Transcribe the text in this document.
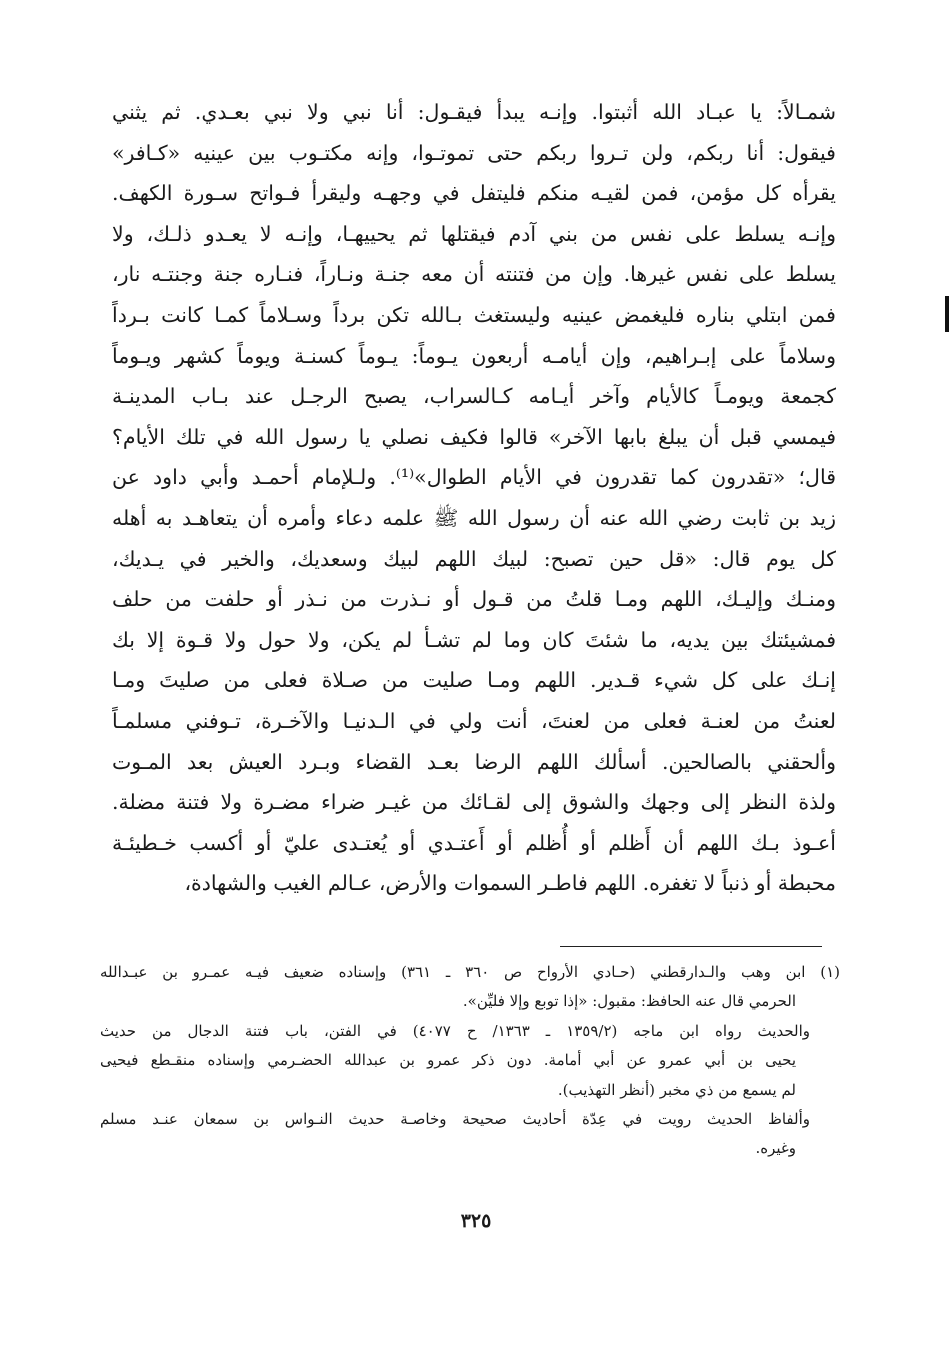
شمـالاً: يا عبـاد الله أثبتوا. وإنـه يبدأ فيقـول: أنا نبي ولا نبي بعـدي. ثم يثني
فيقول: أنا ربكم، ولن تـروا ربكم حتى تموتـوا، وإنه مكتـوب بين عينيه «كـافر»
يقرأه كل مؤمن، فمن لقيـه منكم فليتفل في وجهـه وليقرأ فـواتح سـورة الكهف.
وإنـه يسلط على نفس من بني آدم فيقتلها ثم يحييهـا، وإنـه لا يعـدو ذلـك، ولا
يسلط على نفس غيرها. وإن من فتنته أن معه جنـة ونـاراً، فنـاره جنة وجنتـه نار،
فمن ابتلي بناره فليغمض عينيه وليستغث بـالله تكن برداً وسـلاماً كمـا كانت بـرداً
وسلاماً على إبـراهيم، وإن أيامـه أربعون يـوماً: يـوماً كسنـة ويوماً كشهر ويـوماً
كجمعة ويومـاً كالأيام وآخر أيـامه كـالسراب، يصبح الرجـل عند بـاب المدينـة
فيمسي قبل أن يبلغ بابها الآخر» قالوا فكيف نصلي يا رسول الله في تلك الأيام؟
قال؛ «تقدرون كما تقدرون في الأيام الطوال»⁽¹⁾. ولـلإمام أحمـد وأبي داود عن
زيد بن ثابت رضي الله عنه أن رسول الله ﷺ علمه دعاء وأمره أن يتعاهـد به أهله
كل يوم قال: «قل حين تصبح: لبيك اللهم لبيك وسعديك، والخير في يـديك،
ومنـك وإليـك، اللهم ومـا قلتُ من قـول أو نـذرت من نـذر أو حلفت من حلف
فمشيئتك بين يديه، ما شئتَ كان وما لم تشـأ لم يكن، ولا حول ولا قـوة إلا بك
إنـك على كل شيء قـدير. اللهم ومـا صليت من صـلاة فعلى من صليتَ ومـا
لعنتُ من لعنـة فعلى من لعنتَ، أنت ولي في الـدنيـا والآخـرة، تـوفني مسلمـاً
وألحقني بالصالحين. أسألك اللهم الرضا بعـد القضاء وبـرد العيش بعد المـوت
ولذة النظر إلى وجهك والشوق إلى لقـائك من غيـر ضراء مضـرة ولا فتنة مضلة.
أعـوذ بـك اللهم أن أَظلم أو أُظلم أو أَعتـدي أو يُعتـدى عليّ أو أكسب خـطيئـة
محبطة أو ذنباً لا تغفره. اللهم فاطـر السموات والأرض، عـالم الغيب والشهادة،
(١) ابن وهب والـدارقطني (حـادي الأرواح ص ٣٦٠ ـ ٣٦١) وإسناده ضعيف فيـه عمـرو بن عبـدالله
الحرمي قال عنه الحافظ: مقبول: «إذا توبع وإلا فليِّن».
والحديث رواه ابن ماجه (١٣٥٩/٢ ـ ١٣٦٣/ ح ٤٠٧٧) في الفتن، باب فتنة الدجال من حديث
يحيى بن أبي عمرو عن أبي أمامة. دون ذكر عمرو بن عبدالله الحضـرمي وإسناده منقـطع فيحيى
لم يسمع من ذي مخبر (أنظر التهذيب).
وألفاظ الحديث رويت في عِدّة أحاديث صحيحة وخاصـة حديث النـواس بن سمعان عنـد مسلم
وغيره.
٣٢٥
